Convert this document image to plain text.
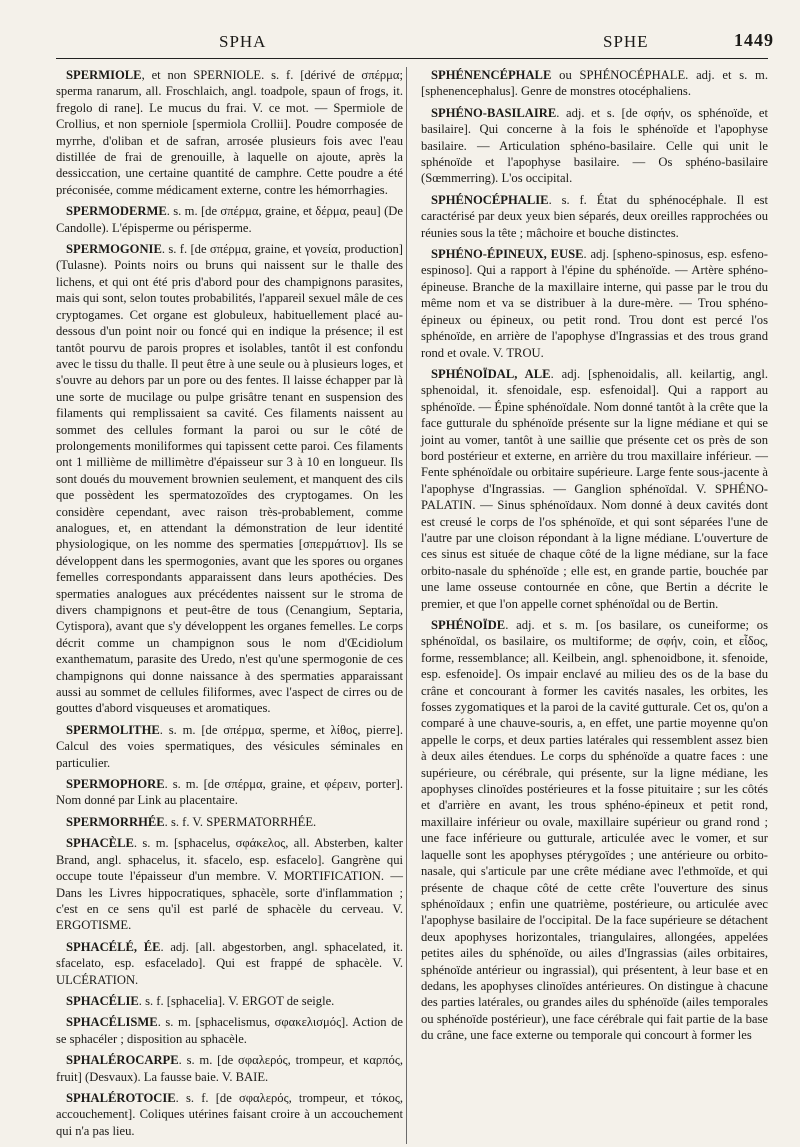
SPHA	SPHE	1449

SPERMIOLE, et non SPERNIOLE. s. f. [dérivé de σπέρμα; sperma ranarum, all. Froschlaich, angl. toadpole, spaun of frogs, it. fregolo di rane]. Le mucus du frai. V. ce mot. — Spermiole de Crollius, et non sperniole [spermiola Crollii]. Poudre composée de myrrhe, d'oliban et de safran, arrosée plusieurs fois avec l'eau distillée de frai de grenouille, à laquelle on ajoute, après la dessiccation, une certaine quantité de camphre. Cette poudre a été préconisée, comme médicament externe, contre les hémorrhagies.

SPERMODERME. s. m. [de σπέρμα, graine, et δέρμα, peau] (De Candolle). L'épisperme ou périsperme.

SPERMOGONIE. s. f. [de σπέρμα, graine, et γονεία, production] (Tulasne). Points noirs ou bruns qui naissent sur le thalle des lichens, et qui ont été pris d'abord pour des champignons parasites, mais qui sont, selon toutes probabilités, l'appareil sexuel mâle de ces cryptogames. Cet organe est globuleux, habituellement placé au-dessous d'un point noir ou foncé qui en indique la présence; il est tantôt pourvu de parois propres et isolables, tantôt il est confondu avec le tissu du thalle. Il peut être à une seule ou à plusieurs loges, et s'ouvre au dehors par un pore ou des fentes. Il laisse échapper par là une sorte de mucilage ou pulpe grisâtre tenant en suspension des filaments qui remplissaient sa cavité. Ces filaments naissent au sommet des cellules formant la paroi ou sur le côté de prolongements moniliformes qui tapissent cette paroi. Ces filaments ont 1 millième de millimètre d'épaisseur sur 3 à 10 en longueur. Ils sont doués du mouvement brownien seulement, et manquent des cils que possèdent les spermatozoïdes des cryptogames. On les considère cependant, avec raison très-probablement, comme analogues, et, en attendant la démonstration de leur identité physiologique, on les nomme des spermaties [σπερμάτιον]. Ils se développent dans les spermogonies, avant que les spores ou organes femelles correspondants apparaissent dans leurs apothécies. Des spermaties analogues aux précédentes naissent sur le stroma de divers champignons et peut-être de tous (Cenangium, Septaria, Cytispora), avant que s'y développent les organes femelles. Le corps décrit comme un champignon sous le nom d'Œcidiolum exanthematum, parasite des Uredo, n'est qu'une spermogonie de ces champignons qui donne naissance à des spermaties apparaissant aussi au sommet de cellules filiformes, avec l'aspect de cirres ou de gouttes d'abord visqueuses et aromatiques.

SPERMOLITHE. s. m. [de σπέρμα, sperme, et λίθος, pierre]. Calcul des voies spermatiques, des vésicules séminales en particulier.

SPERMOPHORE. s. m. [de σπέρμα, graine, et φέρειν, porter]. Nom donné par Link au placentaire.

SPERMORRHÉE. s. f. V. SPERMATORRHÉE.

SPHACÈLE. s. m. [sphacelus, σφάκελος, all. Absterben, kalter Brand, angl. sphacelus, it. sfacelo, esp. esfacelo]. Gangrène qui occupe toute l'épaisseur d'un membre. V. MORTIFICATION. — Dans les Livres hippocratiques, sphacèle, sorte d'inflammation ; c'est en ce sens qu'il est parlé de sphacèle du cerveau. V. ERGOTISME.

SPHACÉLÉ, ÉE. adj. [all. abgestorben, angl. sphacelated, it. sfacelato, esp. esfacelado]. Qui est frappé de sphacèle. V. ULCÉRATION.

SPHACÉLIE. s. f. [sphacelia]. V. ERGOT de seigle.

SPHACÉLISME. s. m. [sphacelismus, σφακελισμός]. Action de se sphacéler ; disposition au sphacèle.

SPHALÉROCARPE. s. m. [de σφαλερός, trompeur, et καρπός, fruit] (Desvaux). La fausse baie. V. BAIE.

SPHALÉROTOCIE. s. f. [de σφαλερός, trompeur, et τόκος, accouchement]. Coliques utérines faisant croire à un accouchement qui n'a pas lieu.

SPHÉNENCÉPHALE ou SPHÉNOCÉPHALE. adj. et s. m. [sphenencephalus]. Genre de monstres otocéphaliens.

SPHÉNO-BASILAIRE. adj. et s. [de σφήν, os sphénoïde, et basilaire]. Qui concerne à la fois le sphénoïde et l'apophyse basilaire. — Articulation sphéno-basilaire. Celle qui unit le sphénoïde et l'apophyse basilaire. — Os sphéno-basilaire (Sœmmerring). L'os occipital.

SPHÉNOCÉPHALIE. s. f. État du sphénocéphale. Il est caractérisé par deux yeux bien séparés, deux oreilles rapprochées ou réunies sous la tête ; mâchoire et bouche distinctes.

SPHÉNO-ÉPINEUX, EUSE. adj. [spheno-spinosus, esp. esfeno-espinoso]. Qui a rapport à l'épine du sphénoïde. — Artère sphéno-épineuse. Branche de la maxillaire interne, qui passe par le trou du même nom et va se distribuer à la dure-mère. — Trou sphéno-épineux ou épineux, ou petit rond. Trou dont est percé l'os sphénoïde, en arrière de l'apophyse d'Ingrassias et des trous grand rond et ovale. V. TROU.

SPHÉNOÏDAL, ALE. adj. [sphenoidalis, all. keilartig, angl. sphenoidal, it. sfenoidale, esp. esfenoidal]. Qui a rapport au sphénoïde. — Épine sphénoïdale. Nom donné tantôt à la crête que la face gutturale du sphénoïde présente sur la ligne médiane et qui se joint au vomer, tantôt à une saillie que présente cet os près de son bord postérieur et externe, en arrière du trou maxillaire inférieur. — Fente sphénoïdale ou orbitaire supérieure. Large fente sous-jacente à l'apophyse d'Ingrassias. — Ganglion sphénoïdal. V. SPHÉNO-PALATIN. — Sinus sphénoïdaux. Nom donné à deux cavités dont est creusé le corps de l'os sphénoïde, et qui sont séparées l'une de l'autre par une cloison répondant à la ligne médiane. L'ouverture de ces sinus est située de chaque côté de la ligne médiane, sur la face orbito-nasale du sphénoïde ; elle est, en grande partie, bouchée par une lame osseuse contournée en cône, que Bertin a décrite le premier, et que l'on appelle cornet sphénoïdal ou de Bertin.

SPHÉNOÏDE. adj. et s. m. [os basilare, os cuneiforme; os sphénoïdal, os basilaire, os multiforme; de σφήν, coin, et εἶδος, forme, ressemblance; all. Keilbein, angl. sphenoidbone, it. sfenoide, esp. esfenoide]. Os impair enclavé au milieu des os de la base du crâne et concourant à former les cavités nasales, les orbites, les fosses zygomatiques et la paroi de la cavité gutturale. Cet os, qu'on a comparé à une chauve-souris, a, en effet, une partie moyenne qu'on appelle le corps, et deux parties latérales qui ressemblent assez bien à deux ailes étendues. Le corps du sphénoïde a quatre faces : une supérieure, ou cérébrale, qui présente, sur la ligne médiane, les apophyses clinoïdes postérieures et la fosse pituitaire ; sur les côtés et d'arrière en avant, les trous sphéno-épineux et petit rond, maxillaire inférieur ou ovale, maxillaire supérieur ou grand rond ; une face inférieure ou gutturale, articulée avec le vomer, et sur laquelle sont les apophyses ptérygoïdes ; une antérieure ou orbito-nasale, qui s'articule par une crête médiane avec l'ethmoïde, et qui présente de chaque côté de cette crête l'ouverture des sinus sphénoïdaux ; enfin une quatrième, postérieure, ou articulée avec l'apophyse basilaire de l'occipital. De la face supérieure se détachent deux apophyses horizontales, triangulaires, allongées, appelées petites ailes du sphénoïde, ou ailes d'Ingrassias (ailes orbitaires, sphénoïde antérieur ou ingrassial), qui présentent, à leur base et en dedans, les apophyses clinoïdes antérieures. On distingue à chacune des parties latérales, ou grandes ailes du sphénoïde (ailes temporales ou sphénoïde postérieur), une face cérébrale qui fait partie de la base du crâne, une face externe ou temporale qui concourt à former les
